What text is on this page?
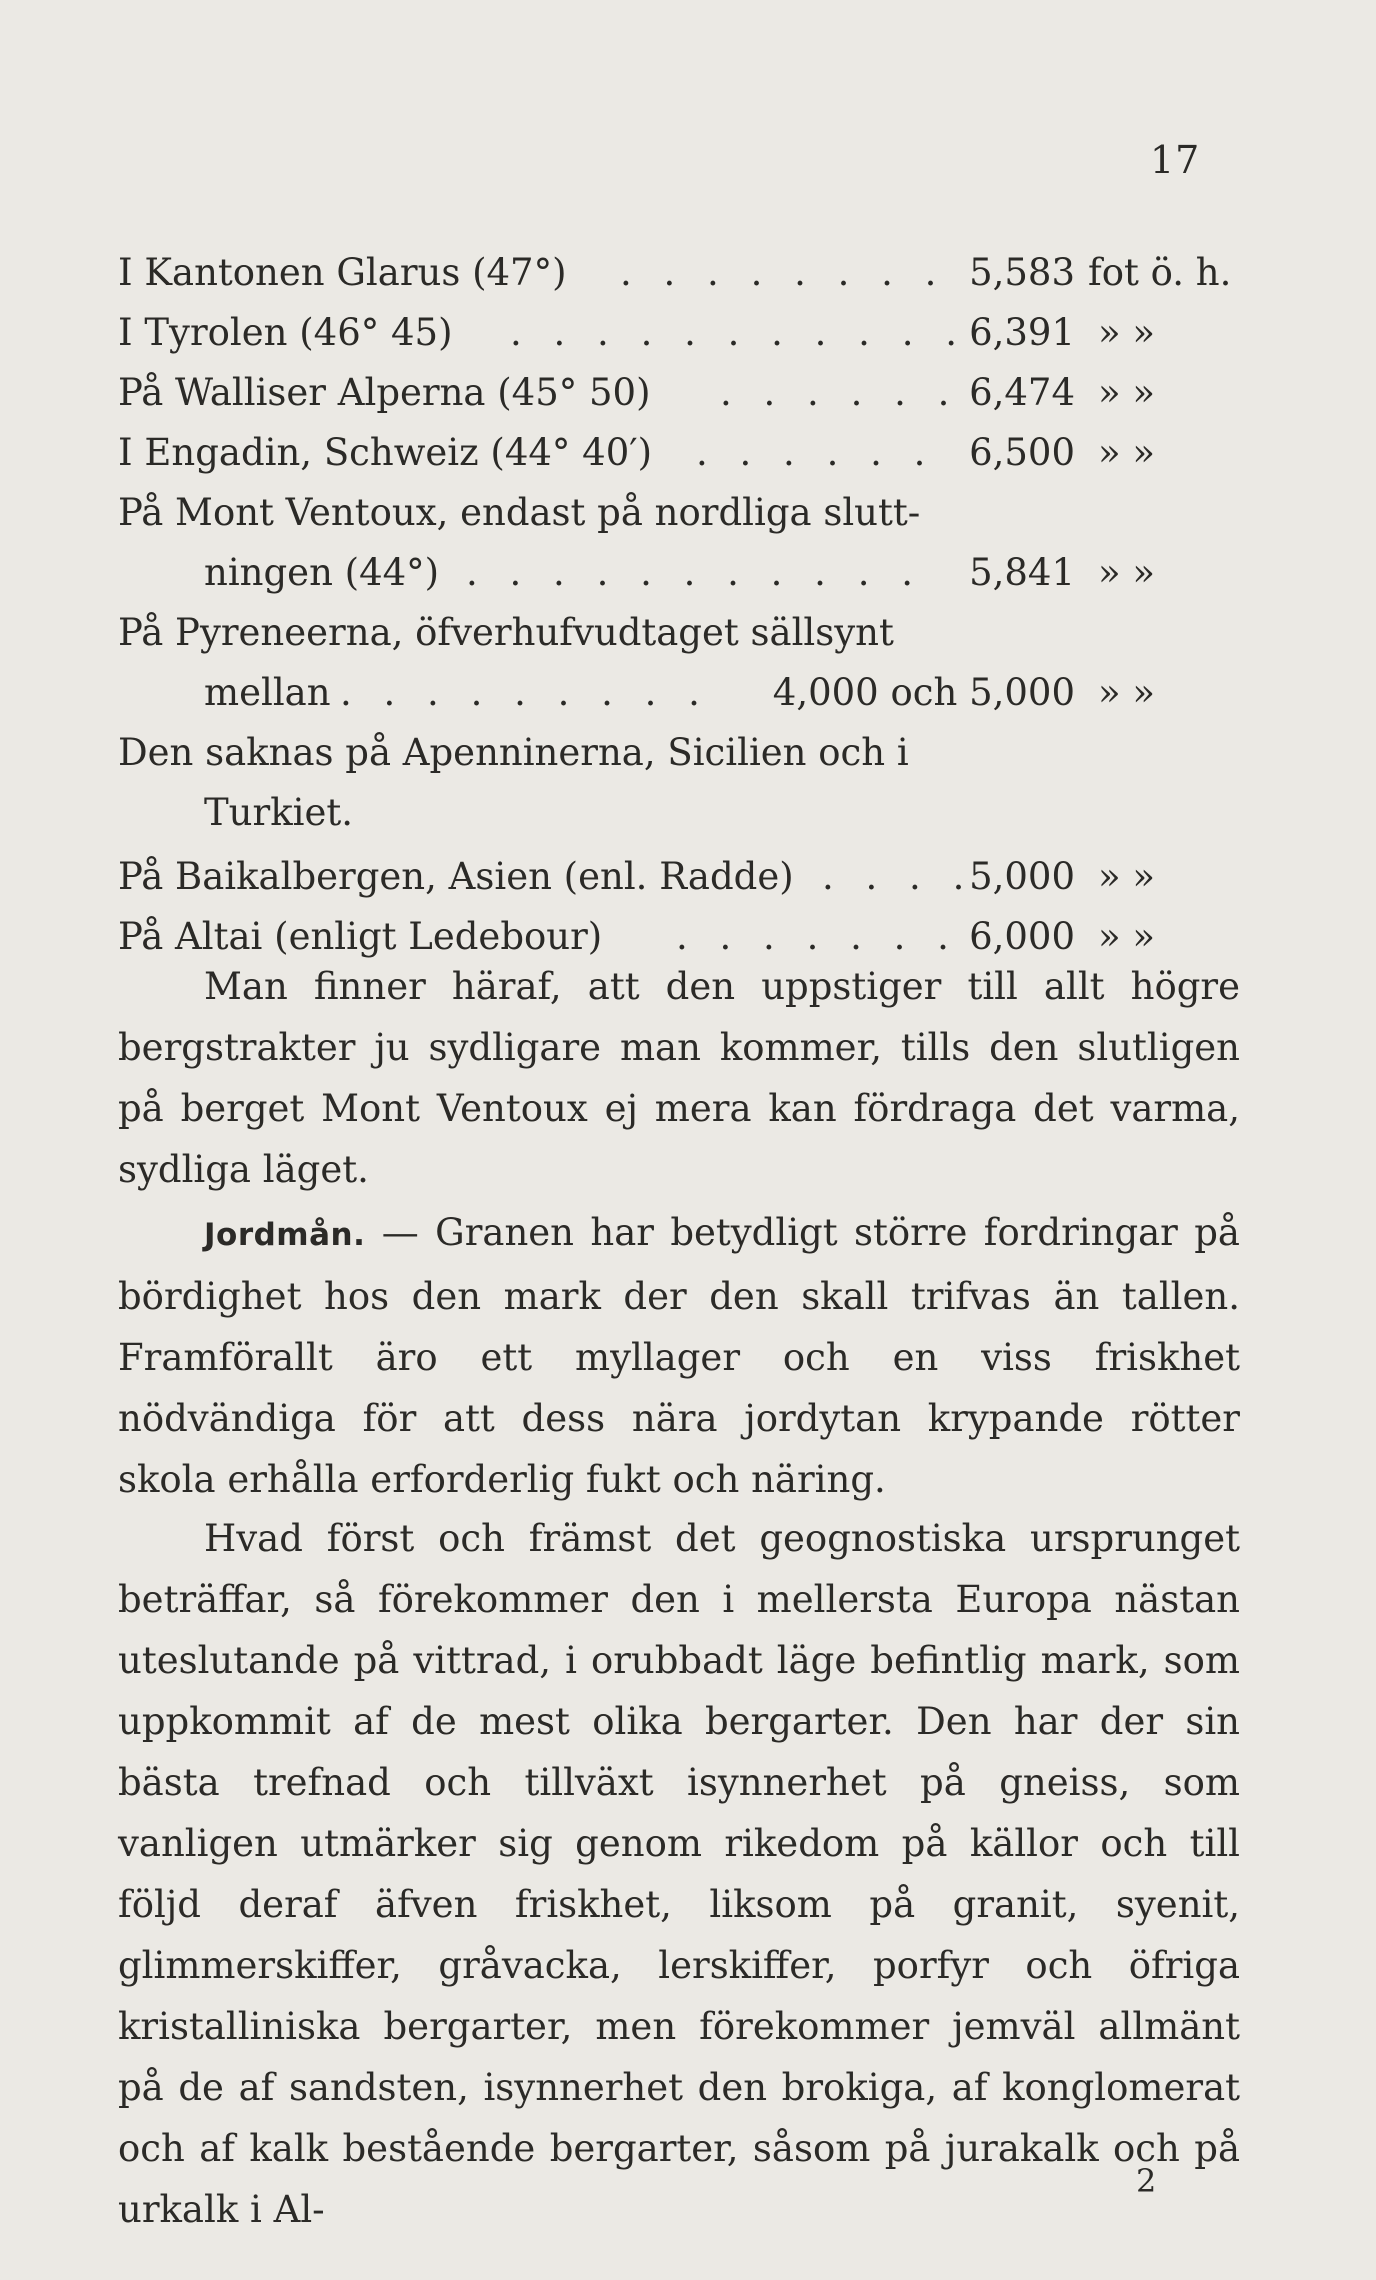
17
I Kantonen Glarus (47°) . . . . . . . . 5,583 fot ö. h.
I Tyrolen (46° 45) . . . . . . . . . . . 6,391 » »
På Walliser Alperna (45° 50) . . . . . . 6,474 » »
I Engadin, Schweiz (44° 40′) . . . . . . 6,500 » »
På Mont Ventoux, endast på nordliga slutt-
ningen (44°) . . . . . . . . . . . 5,841 » »
På Pyreneerna, öfverhufvudtaget sällsynt
mellan . . . . . . . . . 4,000 och 5,000 » »
Den saknas på Apenninerna, Sicilien och i
Turkiet.
På Baikalbergen, Asien (enl. Radde) . . . .
5,000 » »
På Altai (enligt Ledebour) . . . . . . . 6,000 » »

Man finner häraf, att den uppstiger till allt högre bergstrakter ju sydligare man kommer, tills den slutligen på berget Mont Ventoux ej mera kan fördraga det varma, sydliga läget.

Jordmån. — Granen har betydligt större fordringar på bördighet hos den mark der den skall trifvas än tallen. Framförallt äro ett myllager och en viss friskhet nödvändiga för att dess nära jordytan krypande rötter skola erhålla erforderlig fukt och näring.

Hvad först och främst det geognostiska ursprunget beträffar, så förekommer den i mellersta Europa nästan uteslutande på vittrad, i orubbadt läge befintlig mark, som uppkommit af de mest olika bergarter. Den har der sin bästa trefnad och tillväxt isynnerhet på gneiss, som vanligen utmärker sig genom rikedom på källor och till följd deraf äfven friskhet, liksom på granit, syenit, glimmerskiffer, gråvacka, lerskiffer, porfyr och öfriga kristalliniska bergarter, men förekommer jemväl allmänt på de af sandsten, isynnerhet den brokiga, af konglomerat och af kalk bestående bergarter, såsom på jurakalk och på urkalk i Al-

2
